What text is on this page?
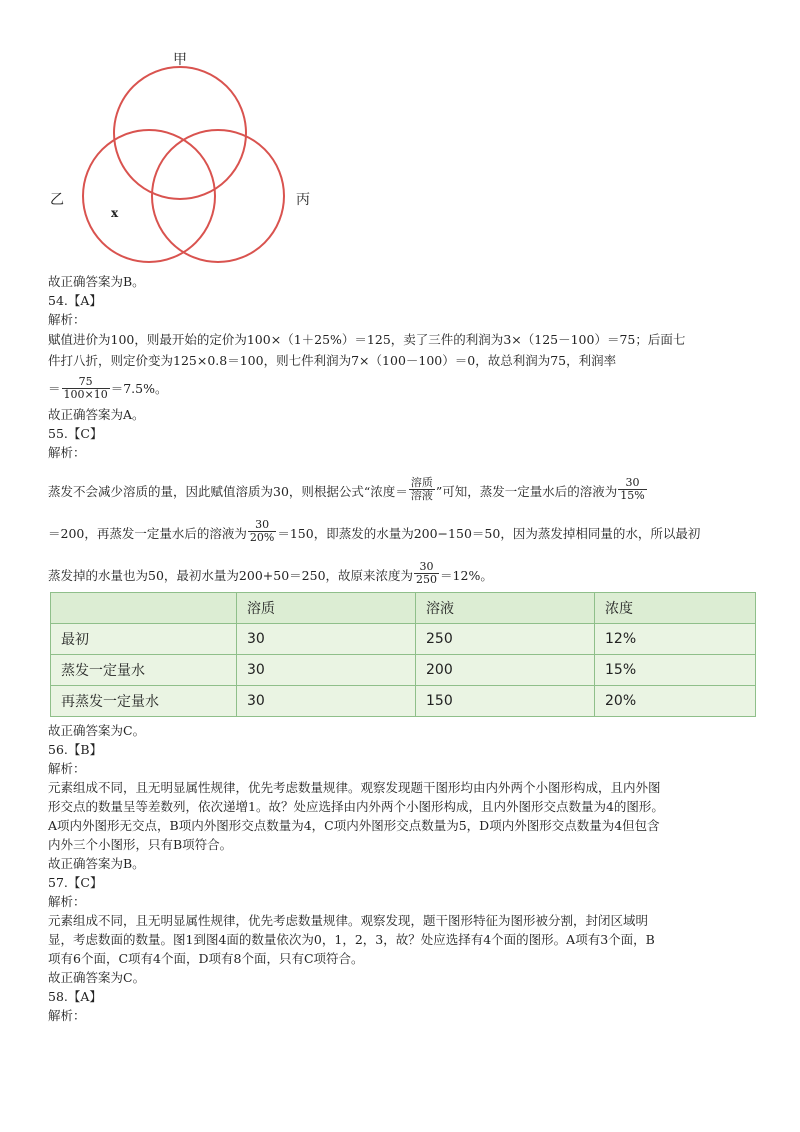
甲
乙	丙
x
故正确答案为B。
54.【A】
解析：
赋值进价为100，则最开始的定价为100×（1＋25%）＝125，卖了三件的利润为3×（125－100）＝75；后面七
件打八折，则定价变为125×0.8＝100，则七件利润为7×（100－100）＝0，故总利润为75，利润率
＝ $\frac{75}{100\times 10} =7.5\%$ 。
故正确答案为A。
55.【C】
解析：
蒸发不会减少溶质的量，因此赋值溶质为30，则根据公式“浓度 ＝ $\frac{\text{溶质}}{\text{溶液}}$ ”可知，蒸发一定量水后的溶液为 $\frac{30}{15\%}$
＝200 ，再蒸发一定量水后的溶液为 $\frac{30}{20\%} =150$ ，即蒸发的水量为 200−150＝50 ，因为蒸发掉相同量的水，所以最初
蒸发掉的水量也为50，最初水量为 200+50＝250 ，故原来浓度为 $\frac{30}{250} =12\%$ 。
	溶质	溶液	浓度
最初	30	250	12%
蒸发一定量水	30	200	15%
再蒸发一定量水	30	150	20%
故正确答案为C。
56.【B】
解析：
元素组成不同，且无明显属性规律，优先考虑数量规律。观察发现题干图形均由内外两个小图形构成，且内外图
形交点的数量呈等差数列，依次递增1。故？处应选择由内外两个小图形构成，且内外图形交点数量为4的图形。
A项内外图形无交点，B项内外图形交点数量为4，C项内外图形交点数量为5，D项内外图形交点数量为4但包含
内外三个小图形，只有B项符合。
故正确答案为B。
57.【C】
解析：
元素组成不同，且无明显属性规律，优先考虑数量规律。观察发现，题干图形特征为图形被分割，封闭区域明
显，考虑数面的数量。图1到图4面的数量依次为0，1，2，3，故？处应选择有4个面的图形。A项有3个面，B
项有6个面，C项有4个面，D项有8个面，只有C项符合。
故正确答案为C。
58.【A】
解析：
